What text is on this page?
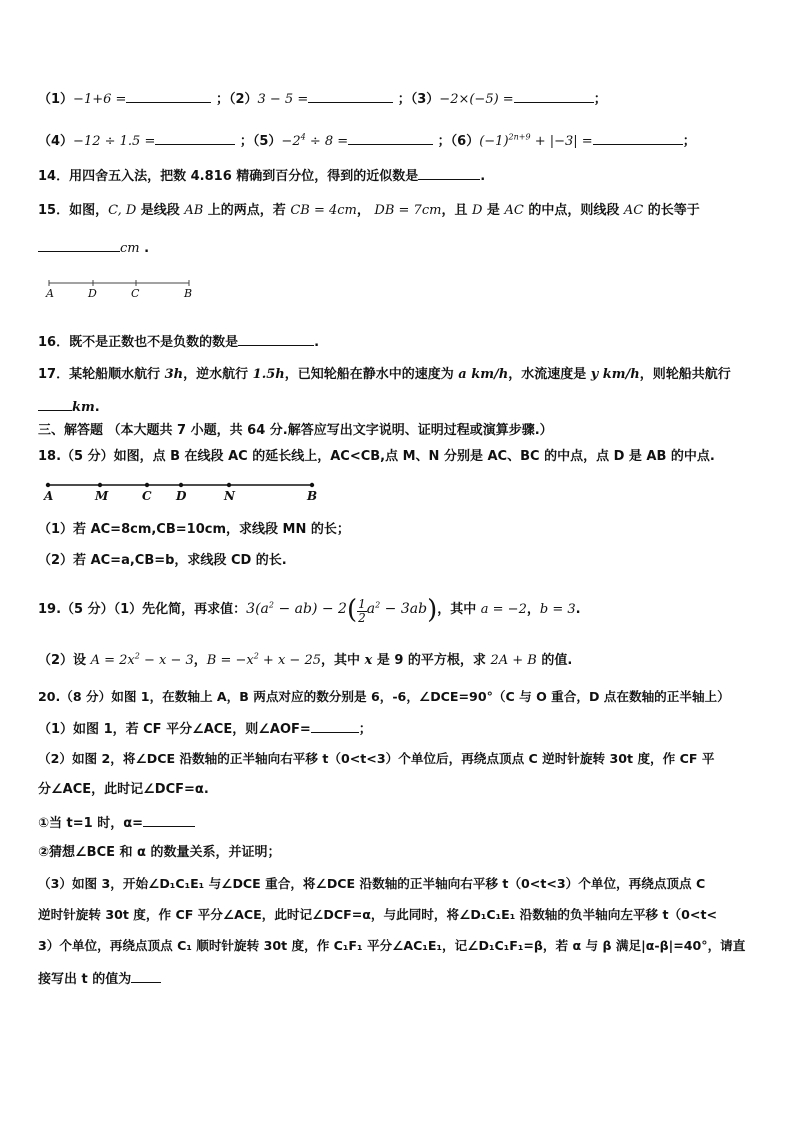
（1）−1+6 =	；（2）3 − 5 =	；（3）−2×(−5) =	；
（4）−12 ÷ 1.5 =	；$(5)-2^4 \div 8$ =	；$(6)(-1)^{2n+9} + |-3|$ =	；
14．用四舍五入法，把数 4.816 精确到百分位，得到的近似数是	.
15．如图，C, D 是线段 AB 上的两点，若 CB = 4cm， DB = 7cm，且 D 是 AC 的中点，则线段 AC 的长等于
cm .
A	D	C	B
16．既不是正数也不是负数的数是	.
17．某轮船顺水航行 3h，逆水航行 1.5h，已知轮船在静水中的速度为 a km/h，水流速度是 y km/h，则轮船共航行
km.
三、解答题 （本大题共 7 小题，共 64 分.解答应写出文字说明、证明过程或演算步骤.）
18.（5 分）如图，点 B 在线段 AC 的延长线上，AC<CB,点 M、N 分别是 AC、BC 的中点，点 D 是 AB 的中点.
A	M	C D	N	B
（1）若 AC=8cm,CB=10cm，求线段 MN 的长；
（2）若 AC=a,CB=b，求线段 CD 的长.
19.（5 分）（1）先化简，再求值：$3(a^2 - ab) - 2( \frac{1}{2} a^2 - 3ab)$，其中 a = −2，b = 3.
（2）设 $A = 2x^2 - x - 3$，$B = -x^2 + x - 25$，其中 x 是 9 的平方根，求 2A + B 的值.
20.（8 分）如图 1，在数轴上 A，B 两点对应的数分别是 6，-6，∠DCE=90°（C 与 O 重合，D 点在数轴的正半轴上）
（1）如图 1，若 CF 平分∠ACE，则∠AOF=	；
（2）如图 2，将∠DCE 沿数轴的正半轴向右平移 t（0<t<3）个单位后，再绕点顶点 C 逆时针旋转 30t 度，作 CF 平
分∠ACE，此时记∠DCF=α.
①当 t=1 时，α=
②猜想∠BCE 和 α 的数量关系，并证明；
（3）如图 3，开始∠D₁C₁E₁ 与∠DCE 重合，将∠DCE 沿数轴的正半轴向右平移 t（0<t<3）个单位，再绕点顶点 C
逆时针旋转 30t 度，作 CF 平分∠ACE，此时记∠DCF=α，与此同时，将∠D₁C₁E₁ 沿数轴的负半轴向左平移 t（0<t<
3）个单位，再绕点顶点 C₁ 顺时针旋转 30t 度，作 C₁F₁ 平分∠AC₁E₁，记∠D₁C₁F₁=β，若 α 与 β 满足|α-β|=40°，请直
接写出 t 的值为
